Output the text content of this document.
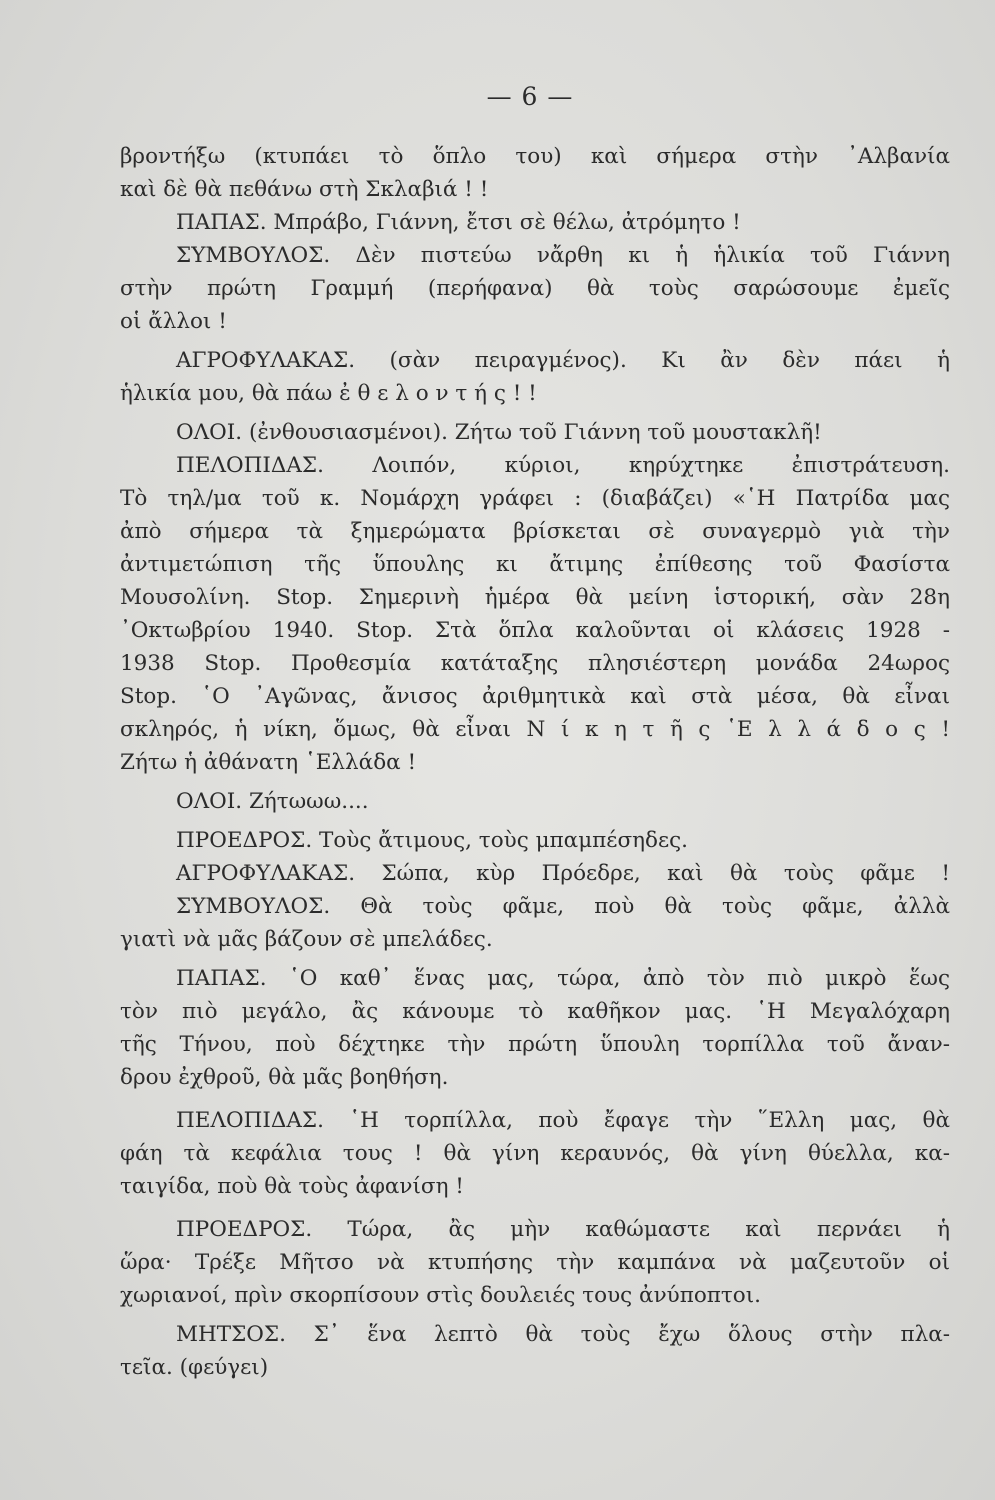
— 6 —
βροντήξω (κτυπάει τὸ ὅπλο του) καὶ σήμερα στὴν ᾿Αλβανία
καὶ δὲ θὰ πεθάνω στὴ Σκλαβιά ! !
ΠΑΠΑΣ. Μπράβο, Γιάννη, ἔτσι σὲ θέλω, ἀτρόμητο !
ΣΥΜΒΟΥΛΟΣ. Δὲν πιστεύω νἄρθη κι ἡ ἡλικία τοῦ Γιάννη
στὴν πρώτη Γραμμή (περήφανα) θὰ τοὺς σαρώσουμε ἐμεῖς
οἱ ἄλλοι !
ΑΓΡΟΦΥΛΑΚΑΣ. (σὰν πειραγμένος). Κι ἂν δὲν πάει ἡ
ἡλικία μου, θὰ πάω ἐ θ ε λ ο ν τ ή ς ! !
ΟΛΟΙ. (ἐνθουσιασμένοι). Ζήτω τοῦ Γιάννη τοῦ μουστακλῆ!
ΠΕΛΟΠΙΔΑΣ. Λοιπόν, κύριοι, κηρύχτηκε ἐπιστράτευση.
Τὸ τηλ/μα τοῦ κ. Νομάρχη γράφει : (διαβάζει) «῾Η Πατρίδα μας
ἀπὸ σήμερα τὰ ξημερώματα βρίσκεται σὲ συναγερμὸ γιὰ τὴν
ἀντιμετώπιση τῆς ὕπουλης κι ἄτιμης ἐπίθεσης τοῦ Φασίστα
Μουσολίνη. Stop. Σημερινὴ ἡμέρα θὰ μείνη ἱστορική, σὰν 28η
᾿Οκτωβρίου 1940. Stop. Στὰ ὅπλα καλοῦνται οἱ κλάσεις 1928 -
1938 Stop. Προθεσμία κατάταξης πλησιέστερη μονάδα 24ωρος
Stop. ῾Ο ᾿Αγῶνας, ἄνισος ἀριθμητικὰ καὶ στὰ μέσα, θὰ εἶναι
σκληρός, ἡ νίκη, ὅμως, θὰ εἶναι Ν ί κ η τ ῆ ς ῾Ε λ λ ά δ ο ς !
Ζήτω ἡ ἀθάνατη ῾Ελλάδα !
ΟΛΟΙ. Ζήτωωω....
ΠΡΟΕΔΡΟΣ. Τοὺς ἄτιμους, τοὺς μπαμπέσηδες.
ΑΓΡΟΦΥΛΑΚΑΣ. Σώπα, κὺρ Πρόεδρε, καὶ θὰ τοὺς φᾶμε !
ΣΥΜΒΟΥΛΟΣ. Θὰ τοὺς φᾶμε, ποὺ θὰ τοὺς φᾶμε, ἀλλὰ
γιατὶ νὰ μᾶς βάζουν σὲ μπελάδες.
ΠΑΠΑΣ. ῾Ο καθ᾿ ἕνας μας, τώρα, ἀπὸ τὸν πιὸ μικρὸ ἕως
τὸν πιὸ μεγάλο, ἂς κάνουμε τὸ καθῆκον μας. ῾Η Μεγαλόχαρη
τῆς Τήνου, ποὺ δέχτηκε τὴν πρώτη ὕπουλη τορπίλλα τοῦ ἄναν-
δρου ἐχθροῦ, θὰ μᾶς βοηθήση.
ΠΕΛΟΠΙΔΑΣ. ῾Η τορπίλλα, ποὺ ἔφαγε τὴν ῞Ελλη μας, θὰ
φάη τὰ κεφάλια τους ! θὰ γίνη κεραυνός, θὰ γίνη θύελλα, κα-
ταιγίδα, ποὺ θὰ τοὺς ἀφανίση !
ΠΡΟΕΔΡΟΣ. Τώρα, ἂς μὴν καθώμαστε καὶ περνάει ἡ
ὥρα· Τρέξε Μῆτσο νὰ κτυπήσης τὴν καμπάνα νὰ μαζευτοῦν οἱ
χωριανοί, πρὶν σκορπίσουν στὶς δουλειές τους ἀνύποπτοι.
ΜΗΤΣΟΣ. Σ᾿ ἕνα λεπτὸ θὰ τοὺς ἔχω ὅλους στὴν πλα-
τεῖα. (φεύγει)
